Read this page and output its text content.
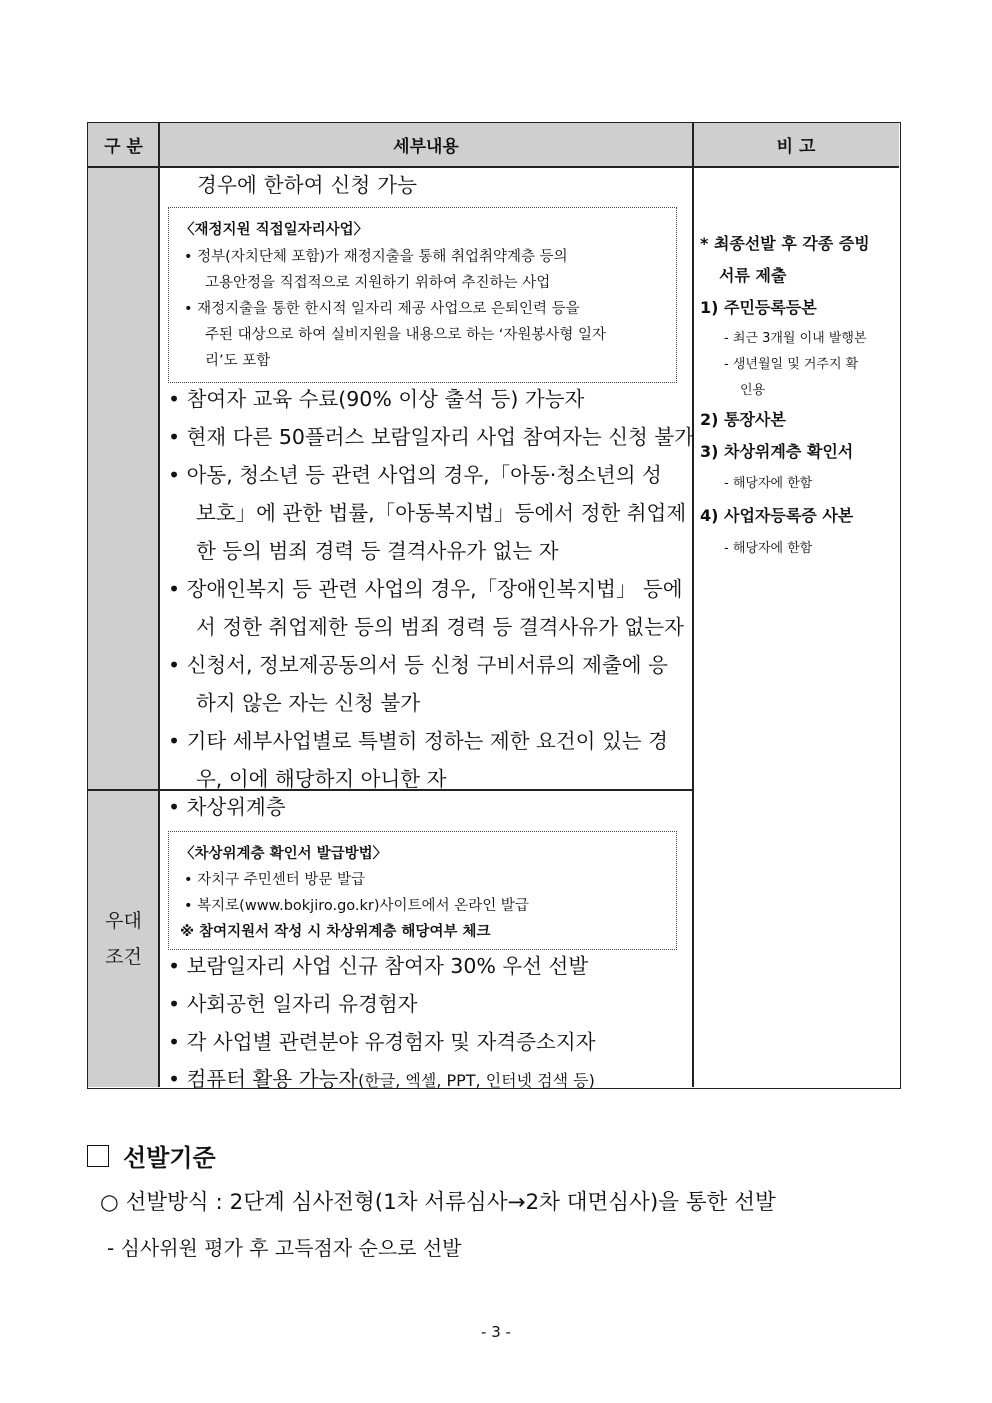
구 분	세부내용	비 고
우대
조건
경우에 한하여 신청 가능
〈재정지원 직접일자리사업〉
• 정부(자치단체 포함)가 재정지출을 통해 취업취약계층 등의
고용안정을 직접적으로 지원하기 위하여 추진하는 사업
• 재정지출을 통한 한시적 일자리 제공 사업으로 은퇴인력 등을
주된 대상으로 하여 실비지원을 내용으로 하는 ‘자원봉사형 일자
리’도 포함
• 참여자 교육 수료(90% 이상 출석 등) 가능자
• 현재 다른 50플러스 보람일자리 사업 참여자는 신청 불가
• 아동, 청소년 등 관련 사업의 경우,「아동·청소년의 성
보호」에 관한 법률,「아동복지법」등에서 정한 취업제
한 등의 범죄 경력 등 결격사유가 없는 자
• 장애인복지 등 관련 사업의 경우,「장애인복지법」 등에
서 정한 취업제한 등의 범죄 경력 등 결격사유가 없는자
• 신청서, 정보제공동의서 등 신청 구비서류의 제출에 응
하지 않은 자는 신청 불가
• 기타 세부사업별로 특별히 정하는 제한 요건이 있는 경
우, 이에 해당하지 아니한 자
• 차상위계층
〈차상위계층 확인서 발급방법〉
• 자치구 주민센터 방문 발급
• 복지로(www.bokjiro.go.kr)사이트에서 온라인 발급
※ 참여지원서 작성 시 차상위계층 해당여부 체크
• 보람일자리 사업 신규 참여자 30% 우선 선발
• 사회공헌 일자리 유경험자
• 각 사업별 관련분야 유경험자 및 자격증소지자
• 컴퓨터 활용 가능자(한글, 엑셀, PPT, 인터넷 검색 등)
* 최종선발 후 각종 증빙
서류 제출
1) 주민등록등본
- 최근 3개월 이내 발행본
- 생년월일 및 거주지 확
인용
2) 통장사본
3) 차상위계층 확인서
- 해당자에 한함
4) 사업자등록증 사본
- 해당자에 한함
선발기준
○ 선발방식 : 2단계 심사전형(1차 서류심사→2차 대면심사)을 통한 선발
- 심사위원 평가 후 고득점자 순으로 선발
- 3 -
